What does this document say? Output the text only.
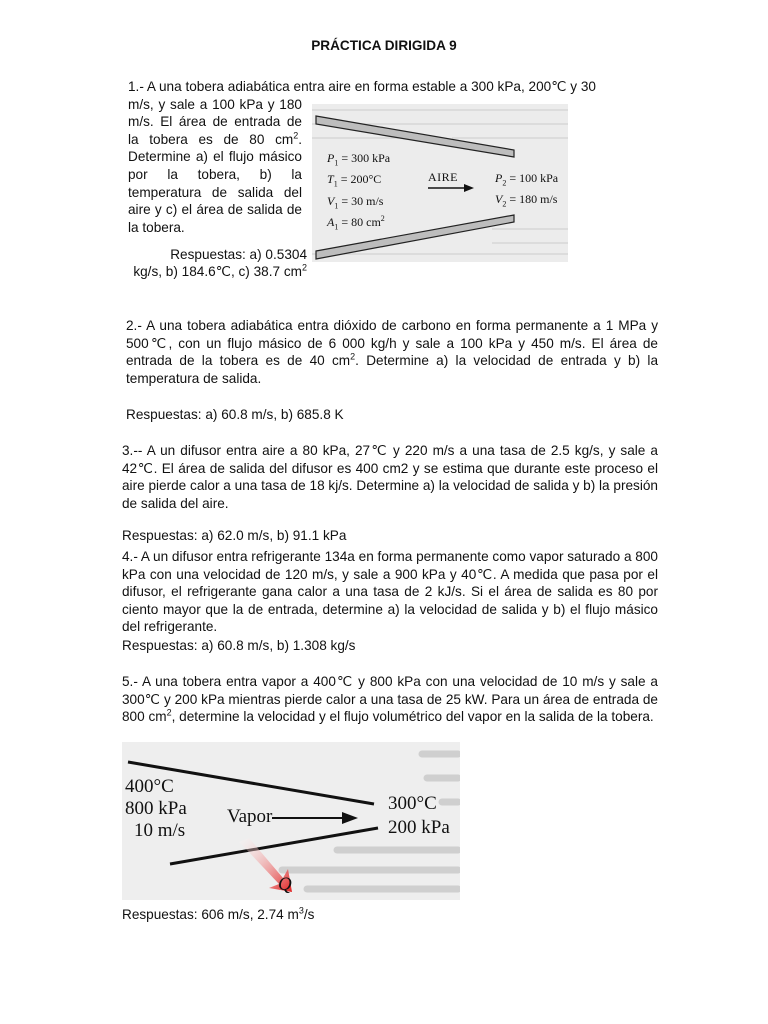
PRÁCTICA DIRIGIDA 9

1.- A una tobera adiabática entra aire en forma estable a 300 kPa, 200℃ y 30

m/s, y sale a 100 kPa y 180 m/s. El área de entrada de la tobera es de 80 $cm^2$. Determine a) el flujo másico por la tobera, b) la temperatura de salida del aire y c) el área de salida de la tobera.

Respuestas: a) 0.5304

kg/s, b) 184.6℃, c) 38.7 $cm^2$

$P_1 = 300$ kPa
$T_1 = 200^\circ C$
$V_1 = 30$ m/s
$A_1 = 80$ $cm^2$
AIRE	$P_2 = 100$ kPa
$V_2 = 180$ m/s

2.- A una tobera adiabática entra dióxido de carbono en forma permanente a 1 MPa y 500℃, con un flujo másico de 6 000 kg/h y sale a 100 kPa y 450 m/s. El área de entrada de la tobera es de 40 $cm^2$. Determine a) la velocidad de entrada y b) la temperatura de salida.

Respuestas: a) 60.8 m/s, b) 685.8 K

3.-- A un difusor entra aire a 80 kPa, 27℃ y 220 m/s a una tasa de 2.5 kg/s, y sale a 42℃. El área de salida del difusor es 400 cm2 y se estima que durante este proceso el aire pierde calor a una tasa de 18 kj/s. Determine a) la velocidad de salida y b) la presión de salida del aire.

Respuestas: a) 62.0 m/s, b) 91.1 kPa

4.- A un difusor entra refrigerante 134a en forma permanente como vapor saturado a 800 kPa con una velocidad de 120 m/s, y sale a 900 kPa y 40℃. A medida que pasa por el difusor, el refrigerante gana calor a una tasa de 2 kJ/s. Si el área de salida es 80 por ciento mayor que la de entrada, determine a) la velocidad de salida y b) el flujo másico del refrigerante.

Respuestas: a) 60.8 m/s, b) 1.308 kg/s

5.- A una tobera entra vapor a 400℃ y 800 kPa con una velocidad de 10 m/s y sale a 300℃ y 200 kPa mientras pierde calor a una tasa de 25 kW. Para un área de entrada de 800 $cm^2$, determine la velocidad y el flujo volumétrico del vapor en la salida de la tobera.

400°C
800 kPa
10 m/s
Vapor
300°C
200 kPa
Q

Respuestas: 606 m/s, 2.74 $m^3/s$
